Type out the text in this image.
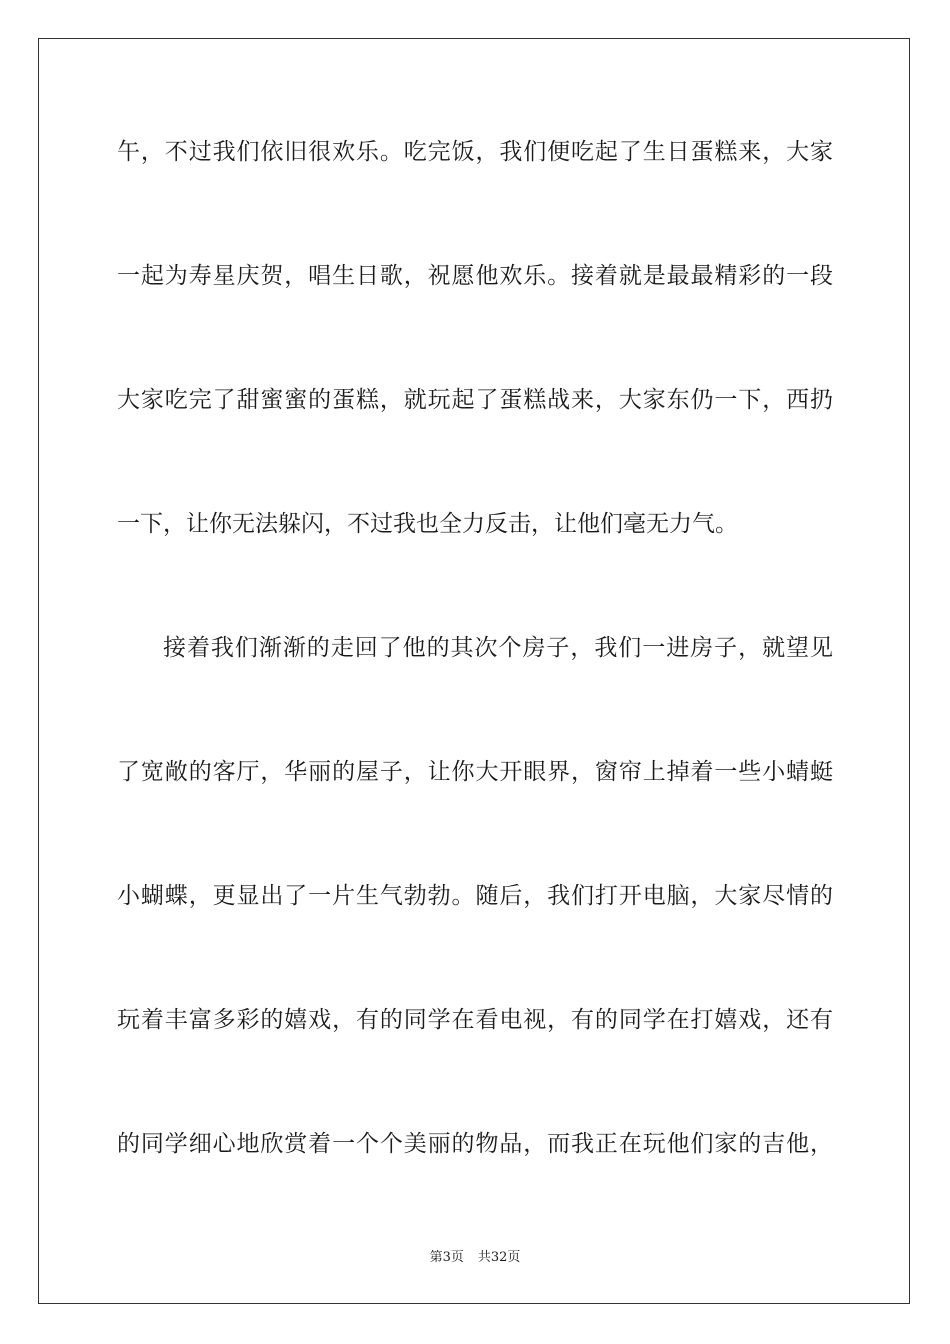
午，不过我们依旧很欢乐。吃完饭，我们便吃起了生日蛋糕来，大家
一起为寿星庆贺，唱生日歌，祝愿他欢乐。接着就是最最精彩的一段
大家吃完了甜蜜蜜的蛋糕，就玩起了蛋糕战来，大家东仍一下，西扔
一下，让你无法躲闪，不过我也全力反击，让他们毫无力气。
接着我们渐渐的走回了他的其次个房子，我们一进房子，就望见
了宽敞的客厅，华丽的屋子，让你大开眼界，窗帘上掉着一些小蜻蜓
小蝴蝶，更显出了一片生气勃勃。随后，我们打开电脑，大家尽情的
玩着丰富多彩的嬉戏，有的同学在看电视，有的同学在打嬉戏，还有
的同学细心地欣赏着一个个美丽的物品，而我正在玩他们家的吉他，
第3页 共32页
